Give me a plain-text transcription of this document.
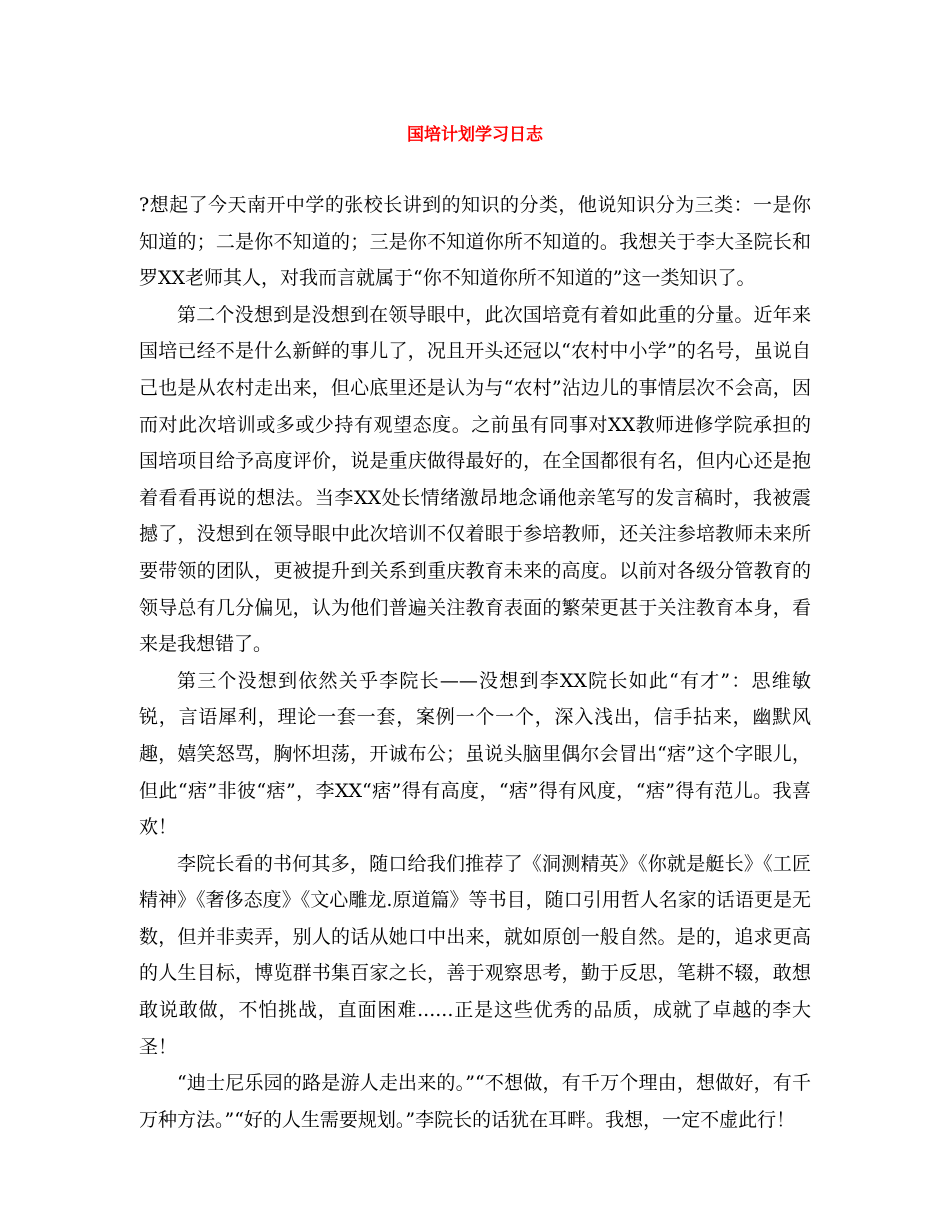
国培计划学习日志

?想起了今天南开中学的张校长讲到的知识的分类，他说知识分为三类：一是你知道的；二是你不知道的；三是你不知道你所不知道的。我想关于李大圣院长和罗XX老师其人，对我而言就属于“你不知道你所不知道的”这一类知识了。

第二个没想到是没想到在领导眼中，此次国培竟有着如此重的分量。近年来国培已经不是什么新鲜的事儿了，况且开头还冠以“农村中小学”的名号，虽说自己也是从农村走出来，但心底里还是认为与“农村”沾边儿的事情层次不会高，因而对此次培训或多或少持有观望态度。之前虽有同事对XX教师进修学院承担的国培项目给予高度评价，说是重庆做得最好的，在全国都很有名，但内心还是抱着看看再说的想法。当李XX处长情绪激昂地念诵他亲笔写的发言稿时，我被震撼了，没想到在领导眼中此次培训不仅着眼于参培教师，还关注参培教师未来所要带领的团队，更被提升到关系到重庆教育未来的高度。以前对各级分管教育的领导总有几分偏见，认为他们普遍关注教育表面的繁荣更甚于关注教育本身，看来是我想错了。

第三个没想到依然关乎李院长——没想到李XX院长如此“有才”：思维敏锐，言语犀利，理论一套一套，案例一个一个，深入浅出，信手拈来，幽默风趣，嬉笑怒骂，胸怀坦荡，开诚布公；虽说头脑里偶尔会冒出“痞”这个字眼儿，但此“痞”非彼“痞”，李XX“痞”得有高度，“痞”得有风度，“痞”得有范儿。我喜欢！

李院长看的书何其多，随口给我们推荐了《洞测精英》《你就是艇长》《工匠精神》《奢侈态度》《文心雕龙.原道篇》等书目，随口引用哲人名家的话语更是无数，但并非卖弄，别人的话从她口中出来，就如原创一般自然。是的，追求更高的人生目标，博览群书集百家之长，善于观察思考，勤于反思，笔耕不辍，敢想敢说敢做，不怕挑战，直面困难......正是这些优秀的品质，成就了卓越的李大圣！

“迪士尼乐园的路是游人走出来的。”“不想做，有千万个理由，想做好，有千万种方法。”“好的人生需要规划。”李院长的话犹在耳畔。我想，一定不虚此行！
